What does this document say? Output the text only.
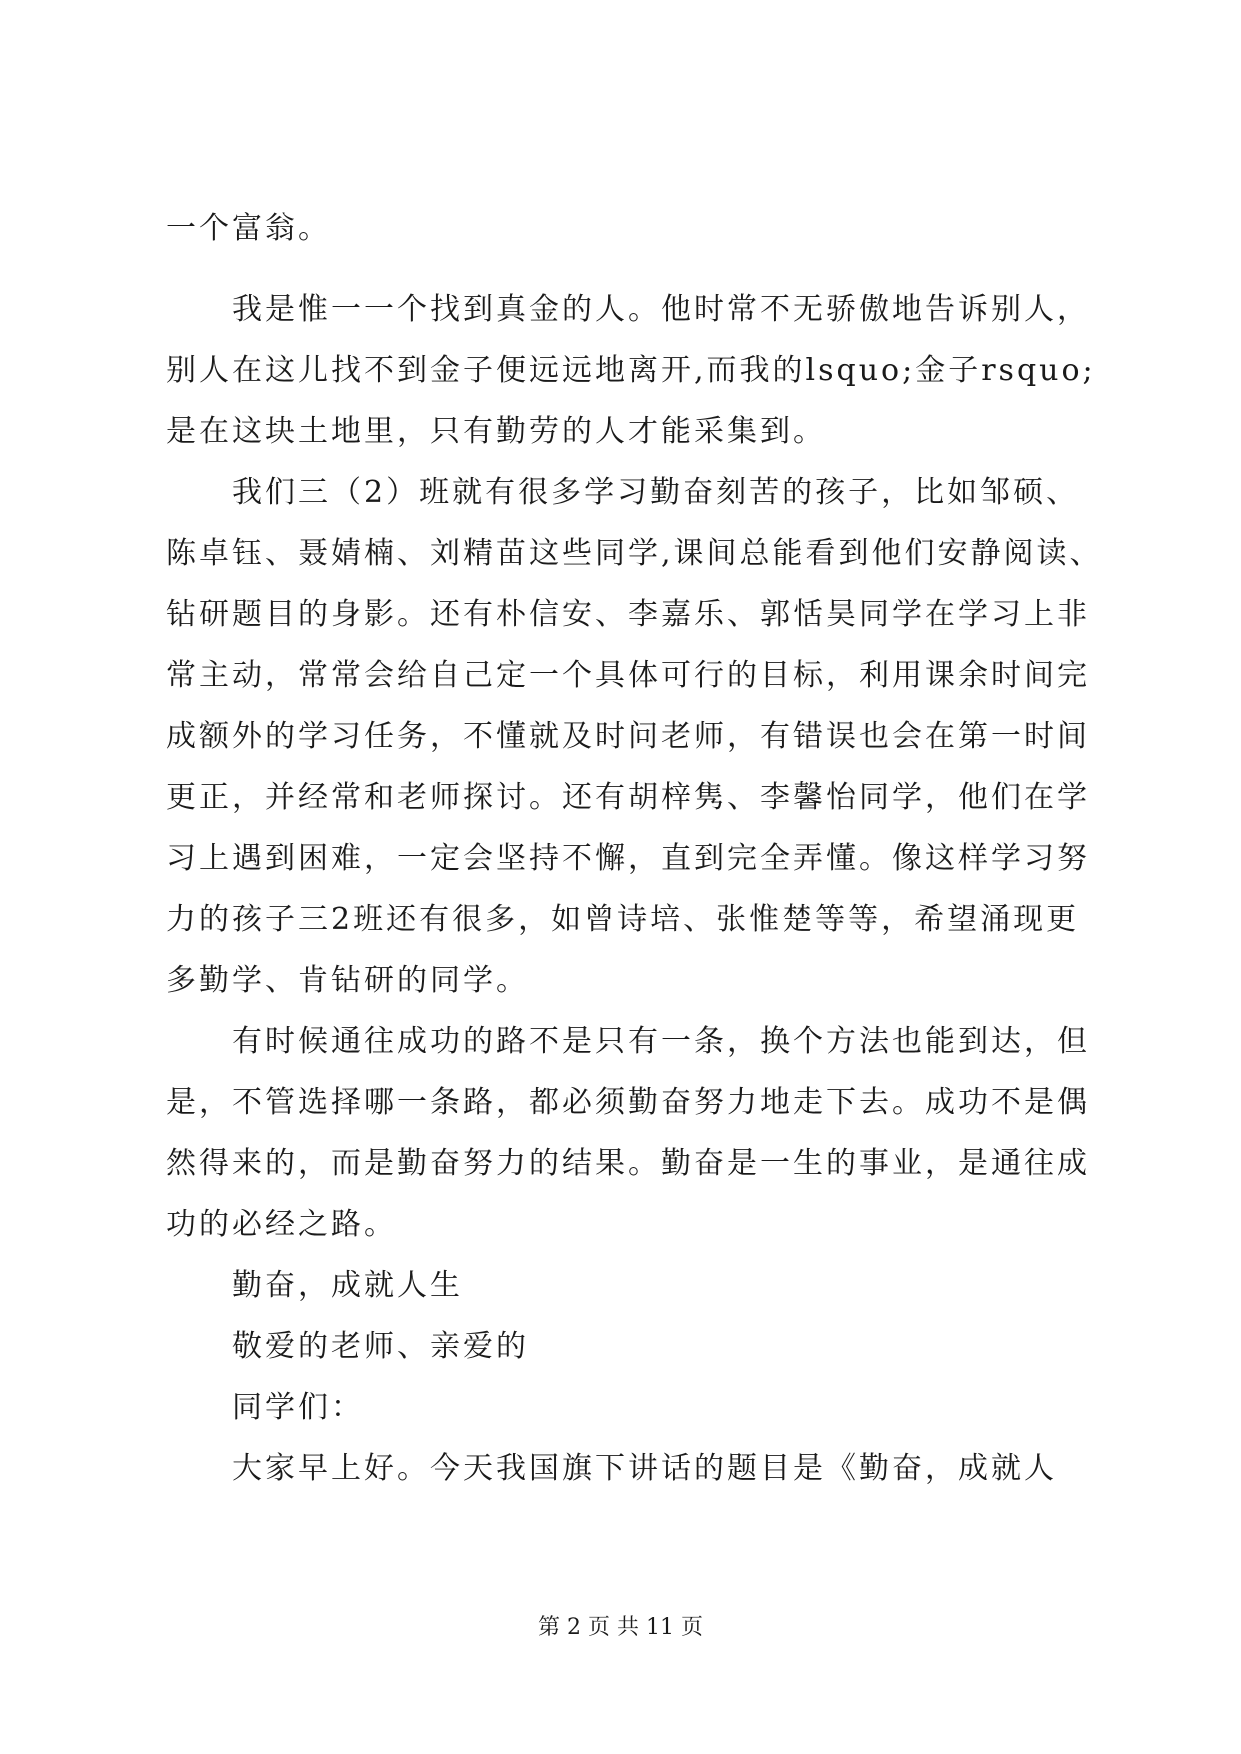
一个富翁。
我是惟一一个找到真金的人。他时常不无骄傲地告诉别人，
别人在这儿找不到金子便远远地离开,而我的lsquo;金子rsquo;
是在这块土地里，只有勤劳的人才能采集到。
我们三（2）班就有很多学习勤奋刻苦的孩子，比如邹硕、
陈卓钰、聂婧楠、刘精苗这些同学,课间总能看到他们安静阅读、
钻研题目的身影。还有朴信安、李嘉乐、郭恬昊同学在学习上非
常主动，常常会给自己定一个具体可行的目标，利用课余时间完
成额外的学习任务，不懂就及时问老师，有错误也会在第一时间
更正，并经常和老师探讨。还有胡梓隽、李馨怡同学，他们在学
习上遇到困难，一定会坚持不懈，直到完全弄懂。像这样学习努
力的孩子三2班还有很多，如曾诗培、张惟楚等等，希望涌现更
多勤学、肯钻研的同学。
有时候通往成功的路不是只有一条，换个方法也能到达，但
是，不管选择哪一条路，都必须勤奋努力地走下去。成功不是偶
然得来的，而是勤奋努力的结果。勤奋是一生的事业，是通往成
功的必经之路。
勤奋，成就人生
敬爱的老师、亲爱的
同学们：
大家早上好。今天我国旗下讲话的题目是《勤奋，成就人
第 2 页 共 11 页
